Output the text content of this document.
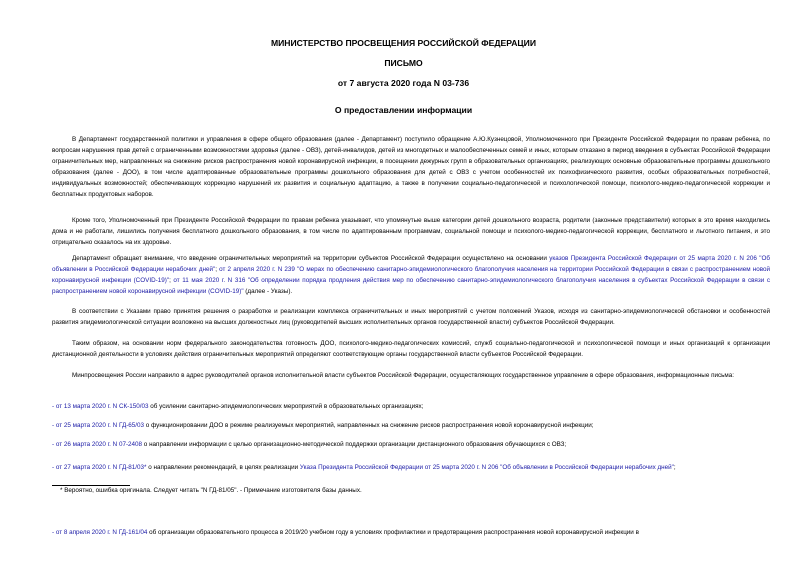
МИНИСТЕРСТВО ПРОСВЕЩЕНИЯ РОССИЙСКОЙ ФЕДЕРАЦИИ
ПИСЬМО
от 7 августа 2020 года N 03-736
О предоставлении информации
В Департамент государственной политики и управления в сфере общего образования (далее - Департамент) поступило обращение А.Ю.Кузнецовой, Уполномоченного при Президенте Российской Федерации по правам ребенка, по вопросам нарушения прав детей с ограниченными возможностями здоровья (далее - ОВЗ), детей-инвалидов, детей из многодетных и малообеспеченных семей и иных, которым отказано в период введения в субъектах Российской Федерации ограничительных мер, направленных на снижение рисков распространения новой коронавирусной инфекции, в посещении дежурных групп в образовательных организациях, реализующих основные образовательные программы дошкольного образования (далее - ДОО), в том числе адаптированные образовательные программы дошкольного образования для детей с ОВЗ с учетом особенностей их психофизического развития, особых образовательных потребностей, индивидуальных возможностей; обеспечивающих коррекцию нарушений их развития и социальную адаптацию, а также в получении социально-педагогической и психологической помощи, психолого-медико-педагогической коррекции и бесплатных продуктовых наборов.
Кроме того, Уполномоченный при Президенте Российской Федерации по правам ребенка указывает, что упомянутые выше категории детей дошкольного возраста, родители (законные представители) которых в это время находились дома и не работали, лишились получения бесплатного дошкольного образования, в том числе по адаптированным программам, социальной помощи и психолого-медико-педагогической коррекции, бесплатного и льготного питания, и это отрицательно сказалось на их здоровье.
Департамент обращает внимание, что введение ограничительных мероприятий на территории субъектов Российской Федерации осуществлено на основании указов Президента Российской Федерации от 25 марта 2020 г. N 206 "Об объявлении в Российской Федерации нерабочих дней"; от 2 апреля 2020 г. N 239 "О мерах по обеспечению санитарно-эпидемиологического благополучия населения на территории Российской Федерации в связи с распространением новой коронавирусной инфекции (COVID-19)"; от 11 мая 2020 г. N 316 "Об определении порядка продления действия мер по обеспечению санитарно-эпидемиологического благополучия населения в субъектах Российской Федерации в связи с распространением новой коронавирусной инфекции (COVID-19)" (далее - Указы).
В соответствии с Указами право принятия решения о разработке и реализации комплекса ограничительных и иных мероприятий с учетом положений Указов, исходя из санитарно-эпидемиологической обстановки и особенностей развития эпидемиологической ситуации возложено на высших должностных лиц (руководителей высших исполнительных органов государственной власти) субъектов Российской Федерации.
Таким образом, на основании норм федерального законодательства готовность ДОО, психолого-медико-педагогических комиссий, служб социально-педагогической и психологической помощи и иных организаций к организации дистанционной деятельности в условиях действия ограничительных мероприятий определяют соответствующие органы государственной власти субъектов Российской Федерации.
Минпросвещения России направило в адрес руководителей органов исполнительной власти субъектов Российской Федерации, осуществляющих государственное управление в сфере образования, информационные письма:
- от 13 марта 2020 г. N СК-150/03 об усилении санитарно-эпидемиологических мероприятий в образовательных организациях;
- от 25 марта 2020 г. N ГД-65/03 о функционировании ДОО в режиме реализуемых мероприятий, направленных на снижение рисков распространения новой коронавирусной инфекции;
- от 26 марта 2020 г. N 07-2408 о направлении информации с целью организационно-методической поддержки организации дистанционного образования обучающихся с ОВЗ;
- от 27 марта 2020 г. N ГД-81/03* о направлении рекомендаций, в целях реализации Указа Президента Российской Федерации от 25 марта 2020 г. N 206 "Об объявлении в Российской Федерации нерабочих дней";
* Вероятно, ошибка оригинала. Следует читать "N ГД-81/05". - Примечание изготовителя базы данных.
- от 8 апреля 2020 г. N ГД-161/04 об организации образовательного процесса в 2019/20 учебном году в условиях профилактики и предотвращения распространения новой коронавирусной инфекции в
